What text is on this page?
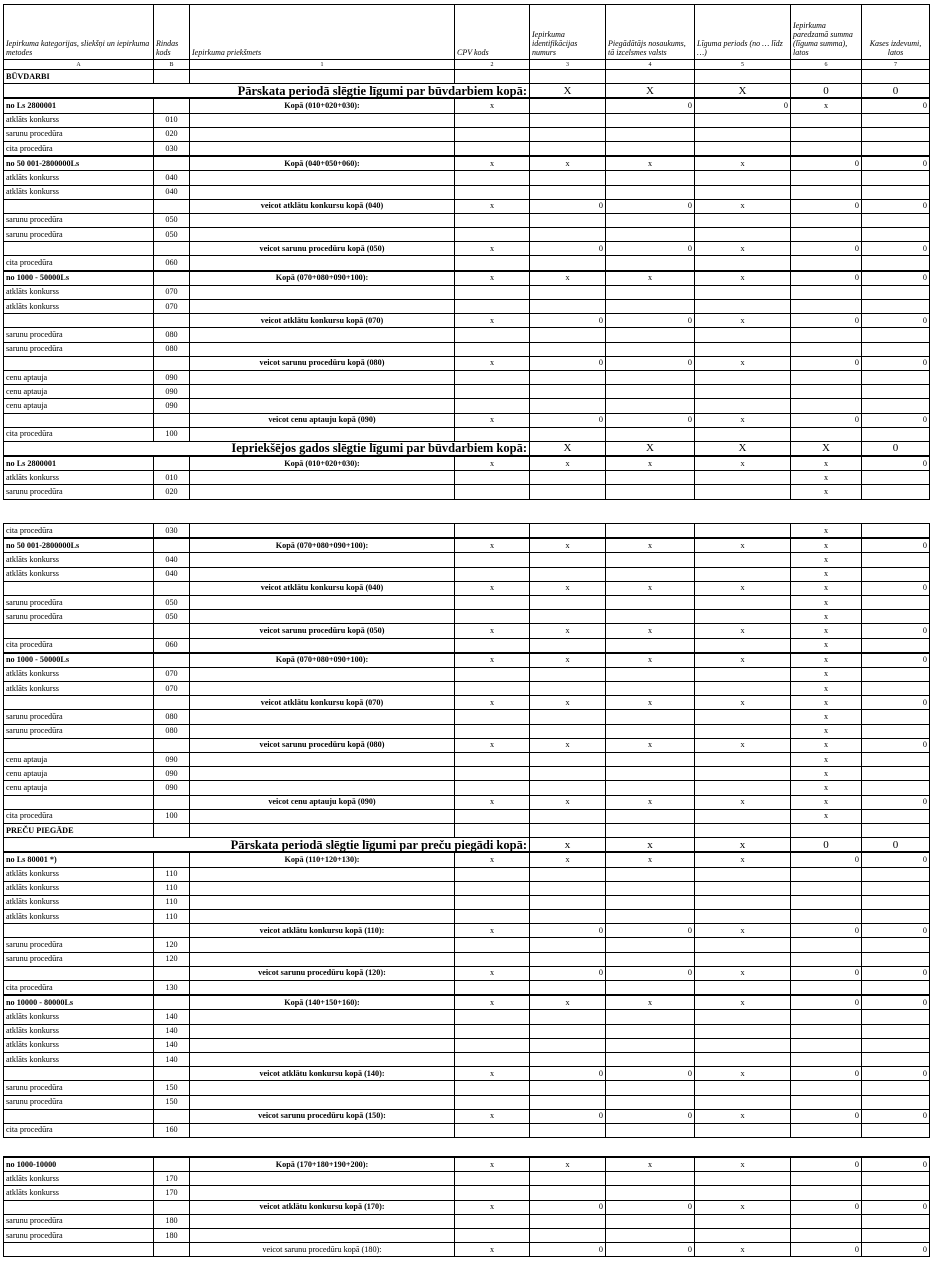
Iepirkuma kategorijas, sliekšņi un iepirkuma metodes	Rindas kods	Iepirkuma priekšmets	CPV kods	Iepirkuma identifikācijas numurs	Piegādātājs nosaukums, tā izcelsmes valsts	Līguma periods (no … līdz …)	Iepirkuma paredzamā summa (līguma summa), latos	Kases izdevumi, latos	
A	B	1	2	3	4	5	6	7	
BŪVDARBI									
Pārskata periodā slēgtie līgumi par būvdarbiem kopā:				X	X	X	0	0	
no Ls 2800001		Kopā (010+020+030):	x		0	0	x	0	
atklāts konkurss	010								
sarunu procedūra	020								
cita procedūra	030								
no 50 001-2800000Ls		Kopā (040+050+060):	x	x	x	x	0	0	
atklāts konkurss	040								
atklāts konkurss	040								
		veicot atklātu konkursu kopā (040)	x	0	0	x	0	0	
sarunu procedūra	050								
sarunu procedūra	050								
		veicot sarunu procedūru kopā (050)	x	0	0	x	0	0	
cita procedūra	060								
no 1000 - 50000Ls		Kopā (070+080+090+100):	x	x	x	x	0	0	
atklāts konkurss	070								
atklāts konkurss	070								
		veicot atklātu konkursu kopā (070)	x	0	0	x	0	0	
sarunu procedūra	080								
sarunu procedūra	080								
		veicot sarunu procedūru kopā (080)	x	0	0	x	0	0	
cenu aptauja	090								
cenu aptauja	090								
cenu aptauja	090								
		veicot cenu aptauju kopā (090)	x	0	0	x	0	0	
cita procedūra	100								
Iepriekšējos gados slēgtie līgumi par būvdarbiem kopā:				X	X	X	X	0	
no Ls 2800001		Kopā (010+020+030):	x	x	x	x	x	0	
atklāts konkurss	010						x		
sarunu procedūra	020						x		
cita procedūra	030						x	
no 50 001-2800000Ls		Kopā (070+080+090+100):	x	x	x	x	x	0
atklāts konkurss	040						x	
atklāts konkurss	040						x	
		veicot atklātu konkursu kopā (040)	x	x	x	x	x	0
sarunu procedūra	050						x	
sarunu procedūra	050						x	
		veicot sarunu procedūru kopā (050)	x	x	x	x	x	0
cita procedūra	060						x	
no 1000 - 50000Ls		Kopā (070+080+090+100):	x	x	x	x	x	0
atklāts konkurss	070						x	
atklāts konkurss	070						x	
		veicot atklātu konkursu kopā (070)	x	x	x	x	x	0
sarunu procedūra	080						x	
sarunu procedūra	080						x	
		veicot sarunu procedūru kopā (080)	x	x	x	x	x	0
cenu aptauja	090						x	
cenu aptauja	090						x	
cenu aptauja	090						x	
		veicot cenu aptauju kopā (090)	x	x	x	x	x	0
cita procedūra	100						x	
PREČU PIEGĀDE								
Pārskata periodā slēgtie līgumi par preču piegādi kopā:				x	x	x	0	0
no Ls 80001 *)		Kopā (110+120+130):	x	x	x	x	0	0
atklāts konkurss	110							
atklāts konkurss	110							
atklāts konkurss	110							
atklāts konkurss	110							
		veicot atklātu konkursu kopā (110):	x	0	0	x	0	0
sarunu procedūra	120							
sarunu procedūra	120							
		veicot sarunu procedūru kopā (120):	x	0	0	x	0	0
cita procedūra	130							
no 10000 - 80000Ls		Kopā (140+150+160):	x	x	x	x	0	0
atklāts konkurss	140							
atklāts konkurss	140							
atklāts konkurss	140							
atklāts konkurss	140							
		veicot atklātu konkursu kopā (140):	x	0	0	x	0	0
sarunu procedūra	150							
sarunu procedūra	150							
		veicot sarunu procedūru kopā (150):	x	0	0	x	0	0
cita procedūra	160							
no 1000-10000		Kopā (170+180+190+200):	x	x	x	x	0	0
atklāts konkurss	170							
atklāts konkurss	170							
		veicot atklātu konkursu kopā (170):	x	0	0	x	0	0
sarunu procedūra	180							
sarunu procedūra	180							
		veicot sarunu procedūru kopā (180):	x	0	0	x	0	0
